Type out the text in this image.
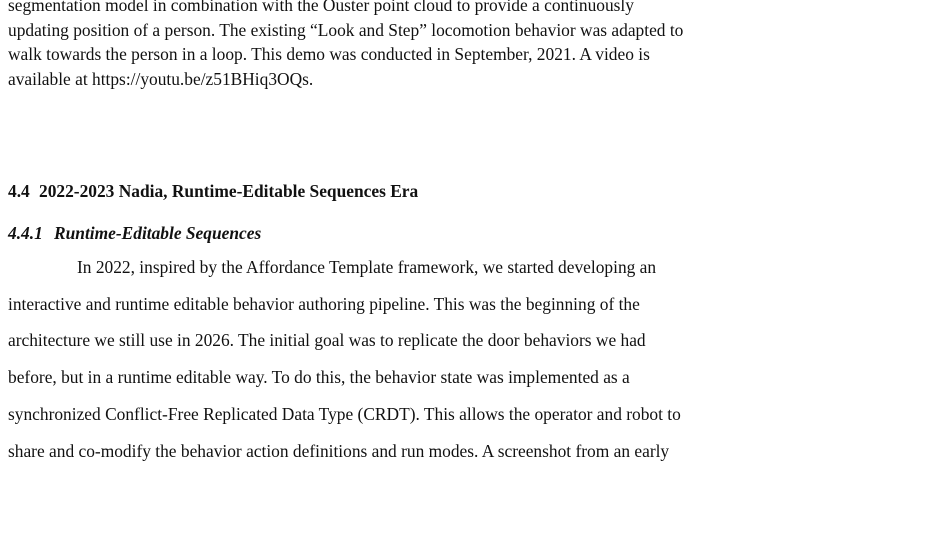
segmentation model in combination with the Ouster point cloud to provide a continuously
updating position of a person. The existing “Look and Step” locomotion behavior was adapted to
walk towards the person in a loop. This demo was conducted in September, 2021. A video is
available at https://youtu.be/z51BHiq3OQs.

4.4 2022-2023 Nadia, Runtime-Editable Sequences Era
4.4.1 Runtime-Editable Sequences

In 2022, inspired by the Affordance Template framework, we started developing an
interactive and runtime editable behavior authoring pipeline. This was the beginning of the
architecture we still use in 2026. The initial goal was to replicate the door behaviors we had
before, but in a runtime editable way. To do this, the behavior state was implemented as a
synchronized Conflict-Free Replicated Data Type (CRDT). This allows the operator and robot to
share and co-modify the behavior action definitions and run modes. A screenshot from an early
